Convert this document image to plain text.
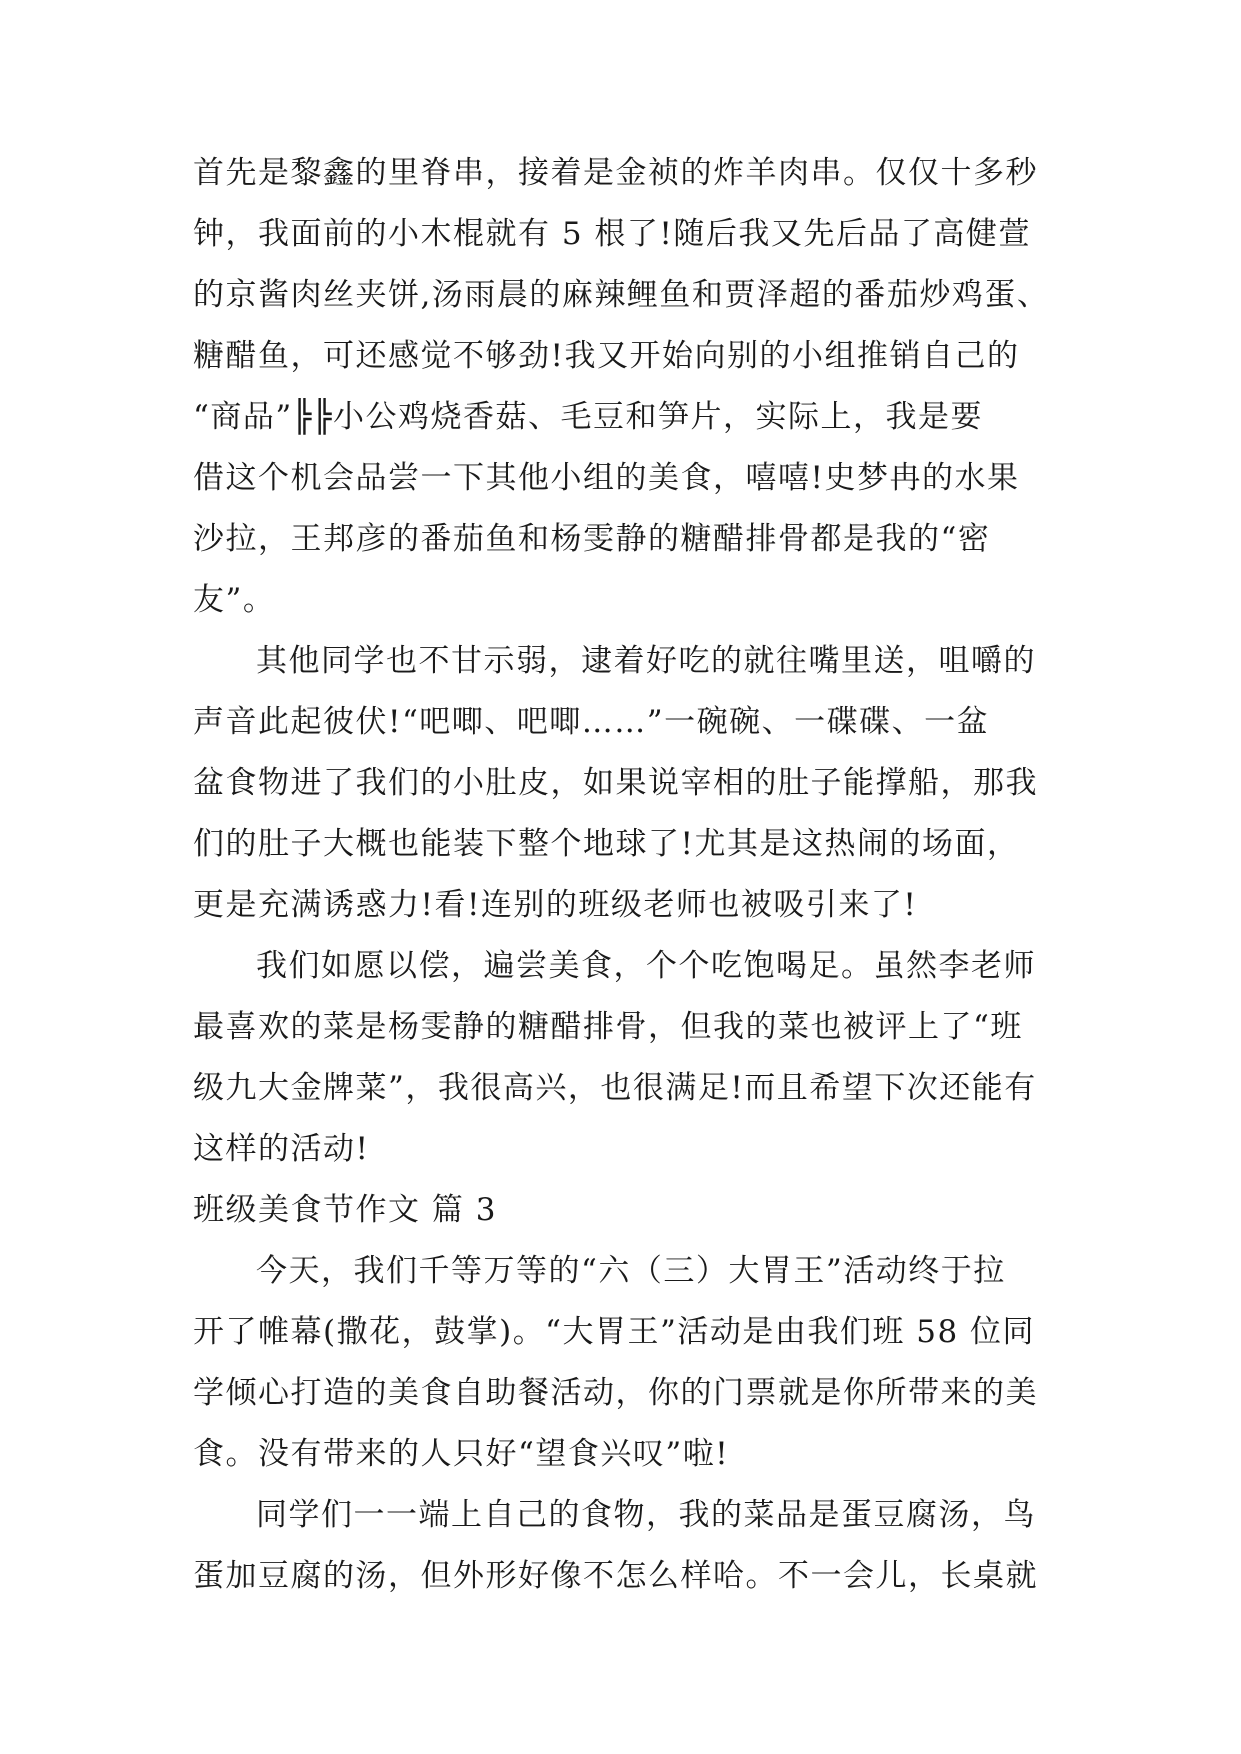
首先是黎鑫的里脊串，接着是金祯的炸羊肉串。仅仅十多秒
钟，我面前的小木棍就有 5 根了!随后我又先后品了高健萱
的京酱肉丝夹饼,汤雨晨的麻辣鲤鱼和贾泽超的番茄炒鸡蛋、
糖醋鱼，可还感觉不够劲!我又开始向别的小组推销自己的
“商品”╠╠小公鸡烧香菇、毛豆和笋片，实际上，我是要
借这个机会品尝一下其他小组的美食，嘻嘻!史梦冉的水果
沙拉，王邦彦的番茄鱼和杨雯静的糖醋排骨都是我的“密
友”。
其他同学也不甘示弱，逮着好吃的就往嘴里送，咀嚼的
声音此起彼伏!“吧唧、吧唧……”一碗碗、一碟碟、一盆
盆食物进了我们的小肚皮，如果说宰相的肚子能撑船，那我
们的肚子大概也能装下整个地球了!尤其是这热闹的场面，
更是充满诱惑力!看!连别的班级老师也被吸引来了!
我们如愿以偿，遍尝美食，个个吃饱喝足。虽然李老师
最喜欢的菜是杨雯静的糖醋排骨，但我的菜也被评上了“班
级九大金牌菜”，我很高兴，也很满足!而且希望下次还能有
这样的活动!
班级美食节作文 篇 3
今天，我们千等万等的“六（三）大胃王”活动终于拉
开了帷幕(撒花，鼓掌)。“大胃王”活动是由我们班 58 位同
学倾心打造的美食自助餐活动，你的门票就是你所带来的美
食。没有带来的人只好“望食兴叹”啦!
同学们一一端上自己的食物，我的菜品是蛋豆腐汤，鸟
蛋加豆腐的汤，但外形好像不怎么样哈。不一会儿，长桌就
